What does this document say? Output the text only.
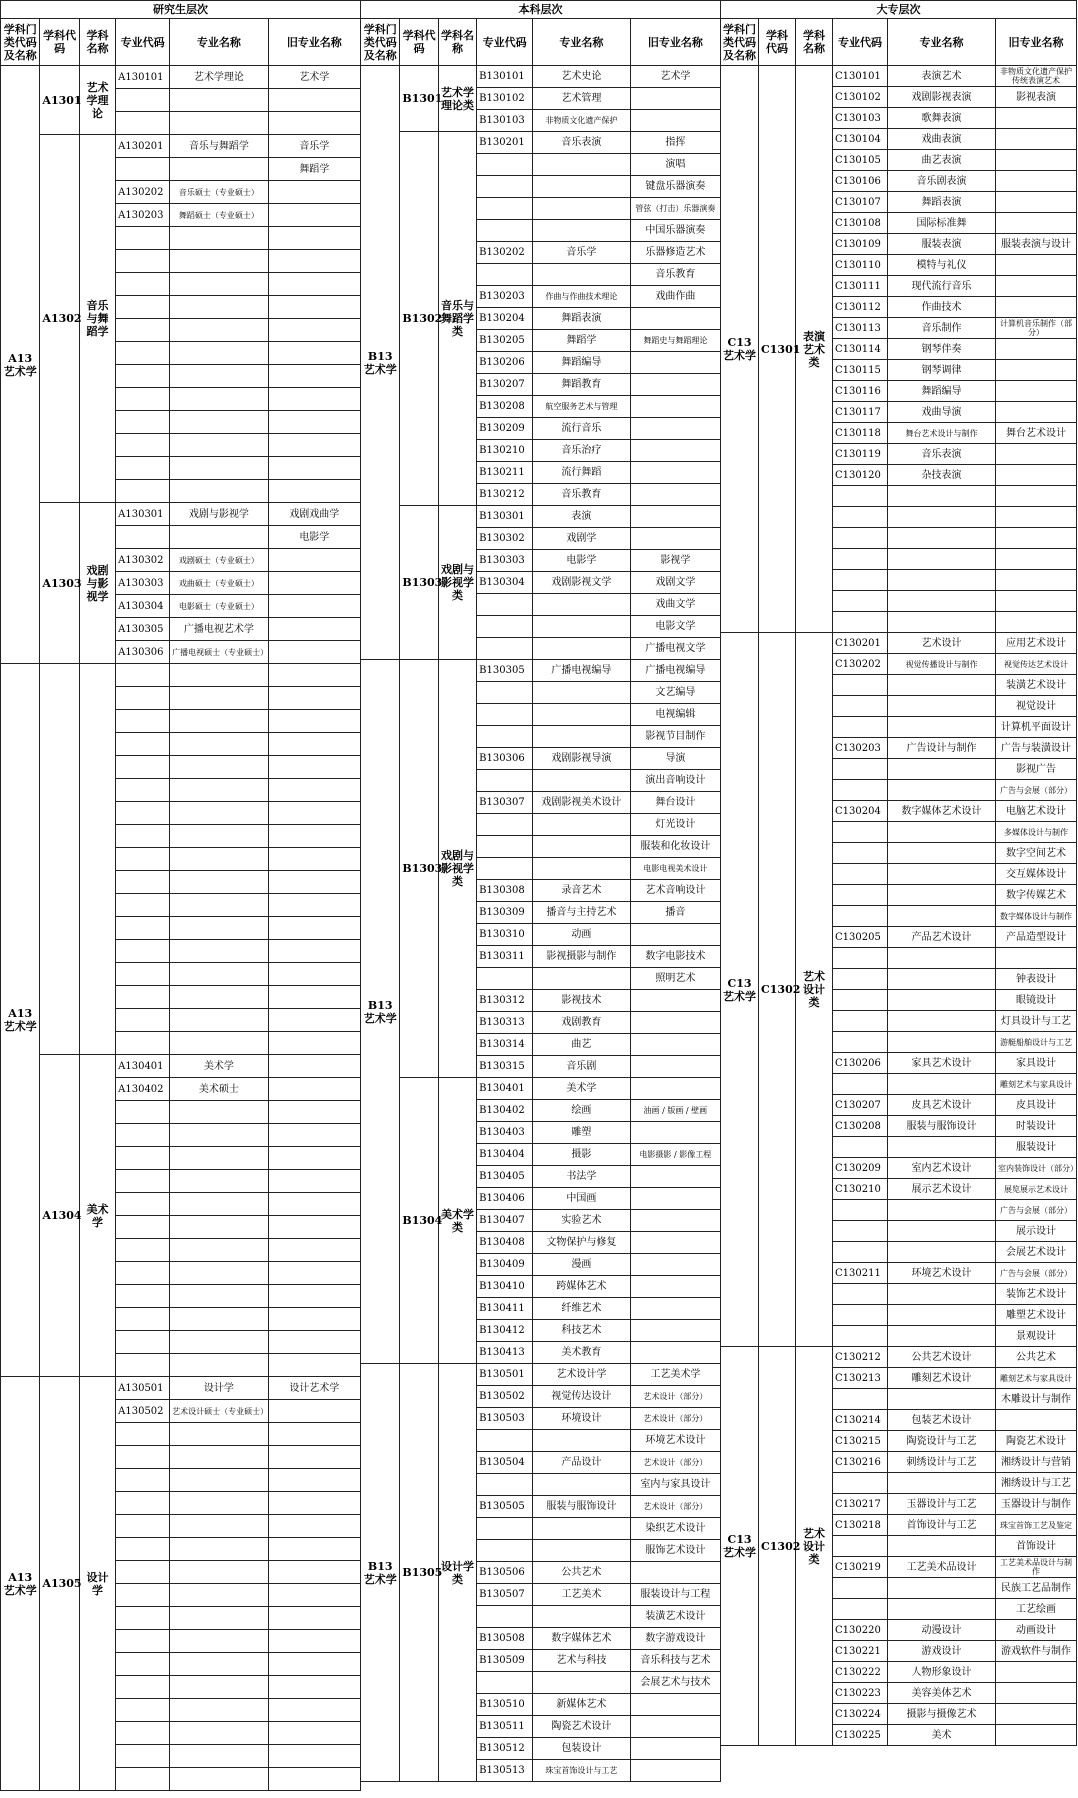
研究生层次					
学科门类代码及名称	学科代码	学科名称	专业代码	专业名称	旧专业名称
A13艺术学	A1301	艺术学理论	A130101	艺术学理论	艺术学

	A1302	音乐与舞蹈学	A130201	音乐与舞蹈学	音乐学
					舞蹈学
			A130202	音乐硕士（专业硕士）	
			A130203	舞蹈硕士（专业硕士）	

	A1303	戏剧与影视学	A130301	戏剧与影视学	戏剧戏曲学
					电影学
			A130302	戏剧硕士（专业硕士）	
			A130303	戏曲硕士（专业硕士）	
			A130304	电影硕士（专业硕士）	
			A130305	广播电视艺术学	
			A130306	广播电视硕士（专业硕士）	
A13艺术学					

	A1304	美术学	A130401	美术学	
			A130402	美术硕士	

A13艺术学	A1305	设计学	A130501	设计学	设计艺术学
			A130502	艺术设计硕士（专业硕士）	

本科层次					
学科门类代码及名称	学科代码	学科名称	专业代码	专业名称	旧专业名称
B13艺术学	B1301	艺术学理论类	B130101	艺术史论	艺术学
			B130102	艺术管理	
			B130103	非物质文化遗产保护	
	B1302	音乐与舞蹈学类	B130201	音乐表演	指挥
					演唱
					键盘乐器演奏
					管弦（打击）乐器演奏
					中国乐器演奏
			B130202	音乐学	乐器修造艺术
					音乐教育
			B130203	作曲与作曲技术理论	戏曲作曲
			B130204	舞蹈表演	
			B130205	舞蹈学	舞蹈史与舞蹈理论
			B130206	舞蹈编导	
			B130207	舞蹈教育	
			B130208	航空服务艺术与管理	
			B130209	流行音乐	
			B130210	音乐治疗	
			B130211	流行舞蹈	
			B130212	音乐教育	
	B1303	戏剧与影视学类	B130301	表演	
			B130302	戏剧学	
			B130303	电影学	影视学
			B130304	戏剧影视文学	戏剧文学
					戏曲文学
					电影文学
					广播电视文学
B13艺术学	B1303	戏剧与影视学类	B130305	广播电视编导	广播电视编导
					文艺编导
					电视编辑
					影视节目制作
			B130306	戏剧影视导演	导演
					演出音响设计
			B130307	戏剧影视美术设计	舞台设计
					灯光设计
					服装和化妆设计
					电影电视美术设计
			B130308	录音艺术	艺术音响设计
			B130309	播音与主持艺术	播音
			B130310	动画	
			B130311	影视摄影与制作	数字电影技术
					照明艺术
			B130312	影视技术	
			B130313	戏剧教育	
			B130314	曲艺	
			B130315	音乐剧	
	B1304	美术学类	B130401	美术学	
			B130402	绘画	油画 / 版画 / 壁画
			B130403	雕塑	
			B130404	摄影	电影摄影 / 影像工程
			B130405	书法学	
			B130406	中国画	
			B130407	实验艺术	
			B130408	文物保护与修复	
			B130409	漫画	
			B130410	跨媒体艺术	
			B130411	纤维艺术	
			B130412	科技艺术	
			B130413	美术教育	
B13艺术学	B1305	设计学类	B130501	艺术设计学	工艺美术学
			B130502	视觉传达设计	艺术设计（部分）
			B130503	环境设计	艺术设计（部分）
					环境艺术设计
			B130504	产品设计	艺术设计（部分）
					室内与家具设计
			B130505	服装与服饰设计	艺术设计（部分）
					染织艺术设计
					服饰艺术设计
			B130506	公共艺术	
			B130507	工艺美术	服装设计与工程
					装潢艺术设计
			B130508	数字媒体艺术	数字游戏设计
			B130509	艺术与科技	音乐科技与艺术
					会展艺术与技术
			B130510	新媒体艺术	
			B130511	陶瓷艺术设计	
			B130512	包装设计	
			B130513	珠宝首饰设计与工艺	
大专层次					
学科门类代码及名称	学科代码	学科名称	专业代码	专业名称	旧专业名称
C13艺术学	C1301	表演艺术类	C130101	表演艺术	非物质文化遗产保护传统表演艺术
			C130102	戏剧影视表演	影视表演
			C130103	歌舞表演	
			C130104	戏曲表演	
			C130105	曲艺表演	
			C130106	音乐剧表演	
			C130107	舞蹈表演	
			C130108	国际标准舞	
			C130109	服装表演	服装表演与设计
			C130110	模特与礼仪	
			C130111	现代流行音乐	
			C130112	作曲技术	
			C130113	音乐制作	计算机音乐制作（部分）
			C130114	钢琴伴奏	
			C130115	钢琴调律	
			C130116	舞蹈编导	
			C130117	戏曲导演	
			C130118	舞台艺术设计与制作	舞台艺术设计
			C130119	音乐表演	
			C130120	杂技表演	

C13艺术学	C1302	艺术设计类	C130201	艺术设计	应用艺术设计
			C130202	视觉传播设计与制作	视觉传达艺术设计
					装潢艺术设计
					视觉设计
					计算机平面设计
			C130203	广告设计与制作	广告与装潢设计
					影视广告
					广告与会展（部分）
			C130204	数字媒体艺术设计	电脑艺术设计
					多媒体设计与制作
					数字空间艺术
					交互媒体设计
					数字传媒艺术
					数字媒体设计与制作
			C130205	产品艺术设计	产品造型设计

					钟表设计
					眼镜设计
					灯具设计与工艺
					游艇船舶设计与工艺
			C130206	家具艺术设计	家具设计
					雕刻艺术与家具设计
			C130207	皮具艺术设计	皮具设计
			C130208	服装与服饰设计	时装设计
					服装设计
			C130209	室内艺术设计	室内装饰设计（部分）
			C130210	展示艺术设计	展览展示艺术设计
					广告与会展（部分）
					展示设计
					会展艺术设计
			C130211	环境艺术设计	广告与会展（部分）
					装饰艺术设计
					雕塑艺术设计
					景观设计
C13艺术学	C1302	艺术设计类	C130212	公共艺术设计	公共艺术
			C130213	雕刻艺术设计	雕刻艺术与家具设计
					木雕设计与制作
			C130214	包装艺术设计	
			C130215	陶瓷设计与工艺	陶瓷艺术设计
			C130216	刺绣设计与工艺	湘绣设计与营销
					湘绣设计与工艺
			C130217	玉器设计与工艺	玉器设计与制作
			C130218	首饰设计与工艺	珠宝首饰工艺及鉴定
					首饰设计
			C130219	工艺美术品设计	工艺美术品设计与制作
					民族工艺品制作
					工艺绘画
			C130220	动漫设计	动画设计
			C130221	游戏设计	游戏软件与制作
			C130222	人物形象设计	
			C130223	美容美体艺术	
			C130224	摄影与摄像艺术	
			C130225	美术	
